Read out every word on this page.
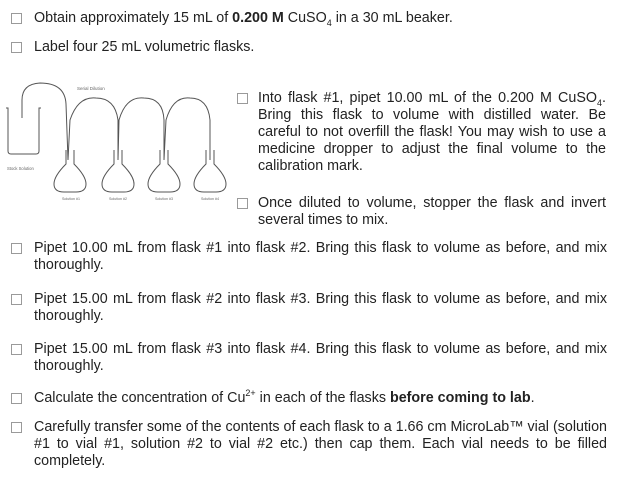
Obtain approximately 15 mL of 0.200 M CuSO$_4$ in a 30 mL beaker.
Label four 25 mL volumetric flasks.
Serial Dilution
Stock Solution
Solution #1	Solution #2	Solution #3	Solution #4
Into flask #1, pipet 10.00 mL of the 0.200 M CuSO$_4$. Bring this flask to volume with distilled water. Be careful to not overfill the flask! You may wish to use a medicine dropper to adjust the final volume to the calibration mark.
Once diluted to volume, stopper the flask and invert several times to mix.
Pipet 10.00 mL from flask #1 into flask #2. Bring this flask to volume as before, and mix thoroughly.
Pipet 15.00 mL from flask #2 into flask #3. Bring this flask to volume as before, and mix thoroughly.
Pipet 15.00 mL from flask #3 into flask #4. Bring this flask to volume as before, and mix thoroughly.
Calculate the concentration of $Cu^{2+}$ in each of the flasks before coming to lab.
Carefully transfer some of the contents of each flask to a 1.66 cm MicroLab™ vial (solution #1 to vial #1, solution #2 to vial #2 etc.) then cap them. Each vial needs to be filled completely.
